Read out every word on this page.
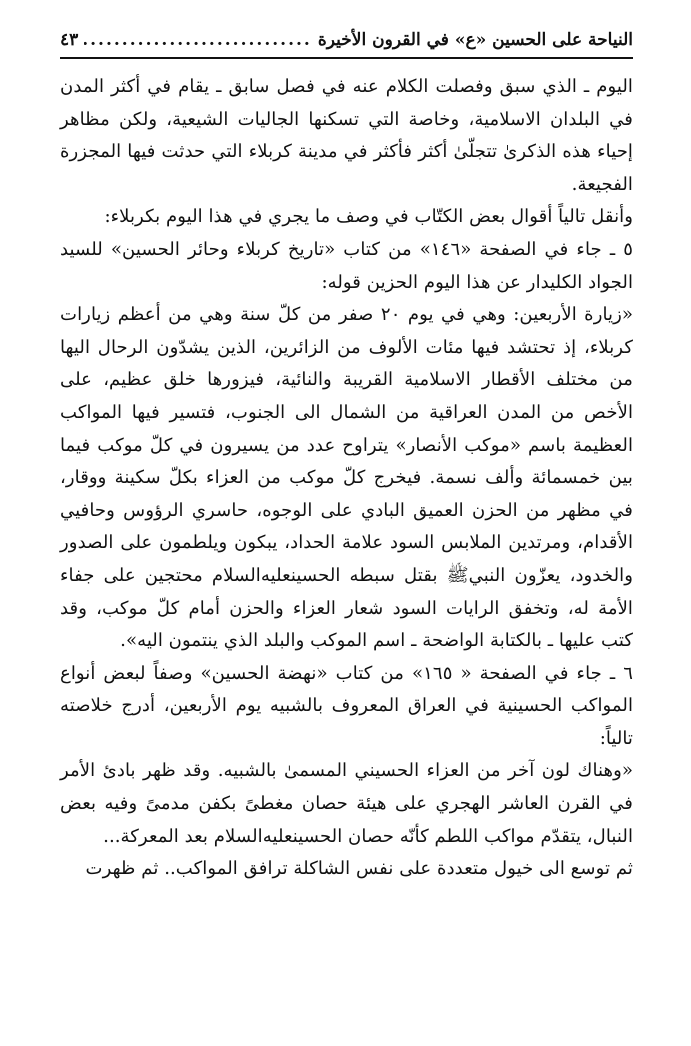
النياحة على الحسين «ع» في القرون الأخيرة
.....
٤٣

اليوم ـ الذي سبق وفصلت الكلام عنه في فصل سابق ـ يقام في أكثر المدن في البلدان الاسلامية، وخاصة التي تسكنها الجاليات الشيعية، ولكن مظاهر إحياء هذه الذكرىٰ تتجلّىٰ أكثر فأكثر في مدينة كربلاء التي حدثت فيها المجزرة الفجيعة.

وأنقل تالياً أقوال بعض الكتّاب في وصف ما يجري في هذا اليوم بكربلاء:

٥ ـ جاء في الصفحة «١٤٦» من كتاب «تاريخ كربلاء وحائر الحسين» للسيد الجواد الكليدار عن هذا اليوم الحزين قوله:

«زيارة الأربعين: وهي في يوم ٢٠ صفر من كلّ سنة وهي من أعظم زيارات كربلاء، إذ تحتشد فيها مئات الألوف من الزائرين، الذين يشدّون الرحال اليها من مختلف الأقطار الاسلامية القريبة والنائية، فيزورها خلق عظيم، على الأخص من المدن العراقية من الشمال الى الجنوب، فتسير فيها المواكب العظيمة باسم «موكب الأنصار» يتراوح عدد من يسيرون في كلّ موكب فيما بين خمسمائة وألف نسمة. فيخرج كلّ موكب من العزاء بكلّ سكينة ووقار، في مظهر من الحزن العميق البادي على الوجوه، حاسري الرؤوس وحافيي الأقدام، ومرتدين الملابس السود علامة الحداد، يبكون ويلطمون على الصدور والخدود، يعزّون النبيﷺ بقتل سبطه الحسينعليه‌السلام محتجين على جفاء الأمة له، وتخفق الرايات السود شعار العزاء والحزن أمام كلّ موكب، وقد كتب عليها ـ بالكتابة الواضحة ـ اسم الموكب والبلد الذي ينتمون اليه».

٦ ـ جاء في الصفحة « ١٦٥» من كتاب «نهضة الحسين» وصفاً لبعض أنواع المواكب الحسينية في العراق المعروف بالشبيه يوم الأربعين، أدرج خلاصته تالياً:

«وهناك لون آخر من العزاء الحسيني المسمىٰ بالشبيه. وقد ظهر بادئ الأمر في القرن العاشر الهجري على هيئة حصان مغطىً بكفن مدمىً وفيه بعض النبال، يتقدّم مواكب اللطم كأنّه حصان الحسينعليه‌السلام بعد المعركة...

ثم توسع الى خيول متعددة على نفس الشاكلة ترافق المواكب.. ثم ظهرت
